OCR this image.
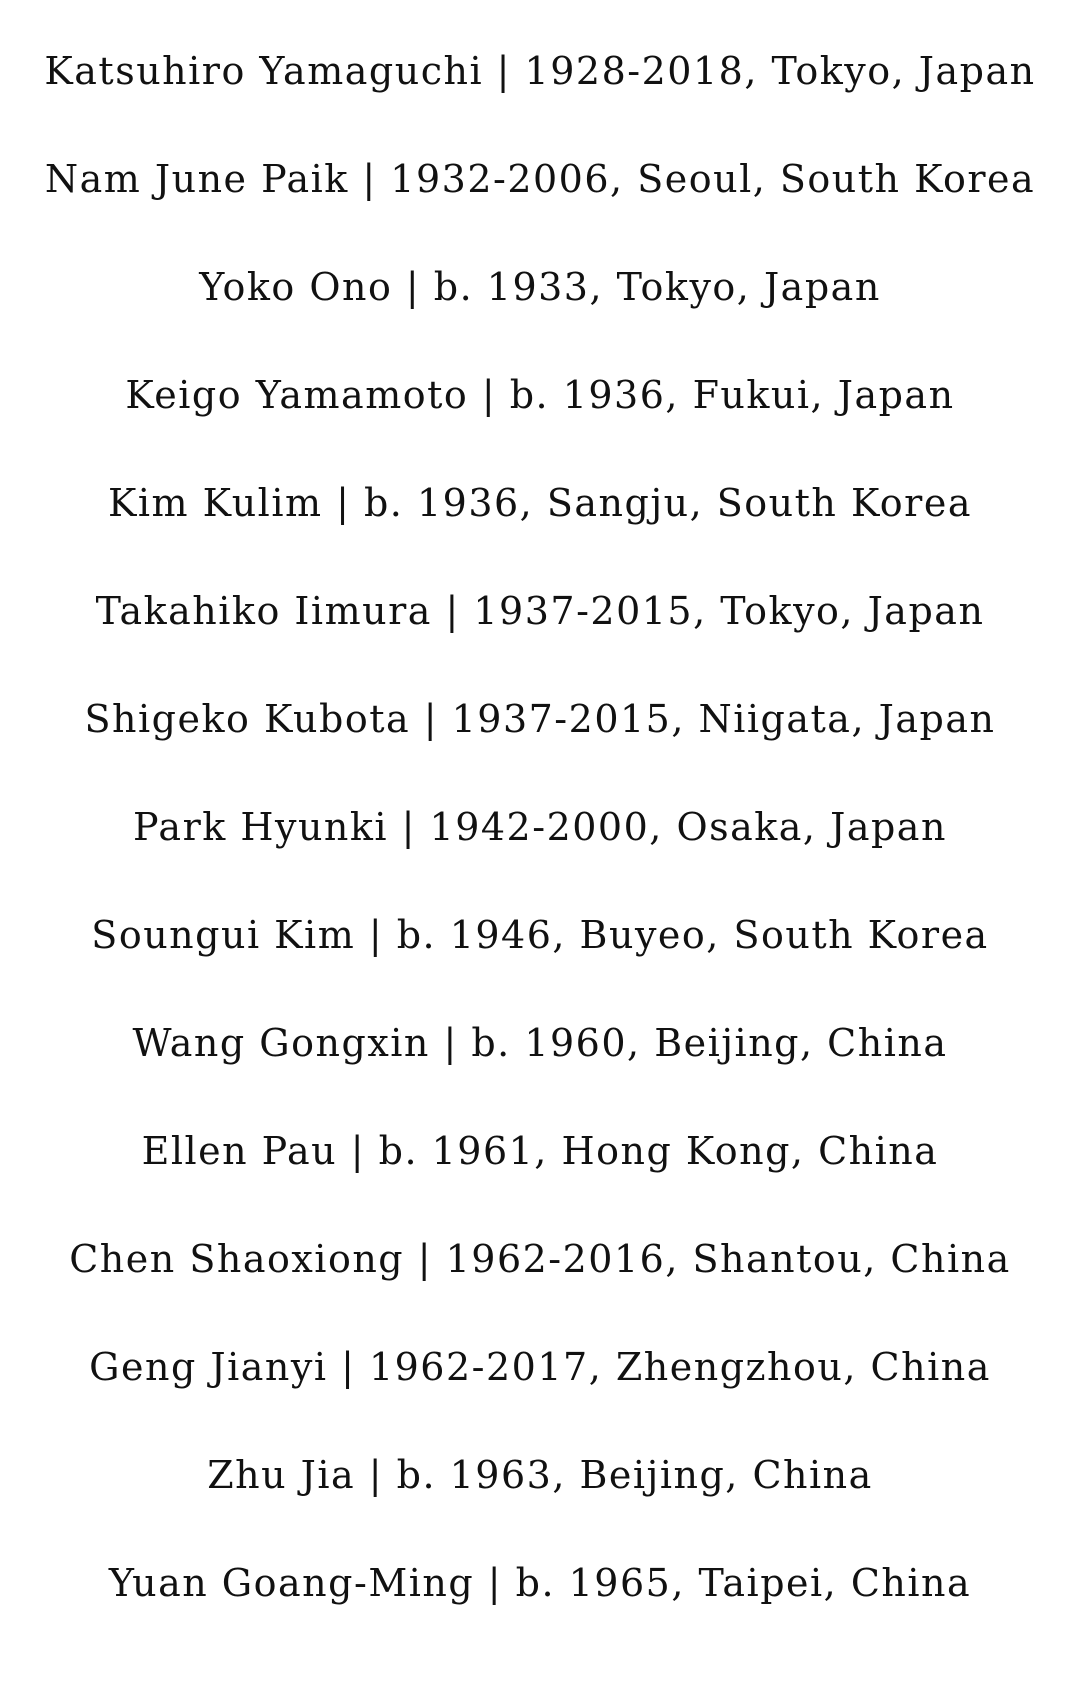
Katsuhiro Yamaguchi | 1928-2018, Tokyo, Japan
Nam June Paik | 1932-2006, Seoul, South Korea
Yoko Ono | b. 1933, Tokyo, Japan
Keigo Yamamoto | b. 1936, Fukui, Japan
Kim Kulim | b. 1936, Sangju, South Korea
Takahiko Iimura | 1937-2015, Tokyo, Japan
Shigeko Kubota | 1937-2015, Niigata, Japan
Park Hyunki | 1942-2000, Osaka, Japan
Soungui Kim | b. 1946, Buyeo, South Korea
Wang Gongxin | b. 1960, Beijing, China
Ellen Pau | b. 1961, Hong Kong, China
Chen Shaoxiong | 1962-2016, Shantou, China
Geng Jianyi | 1962-2017, Zhengzhou, China
Zhu Jia | b. 1963, Beijing, China
Yuan Goang-Ming | b. 1965, Taipei, China
